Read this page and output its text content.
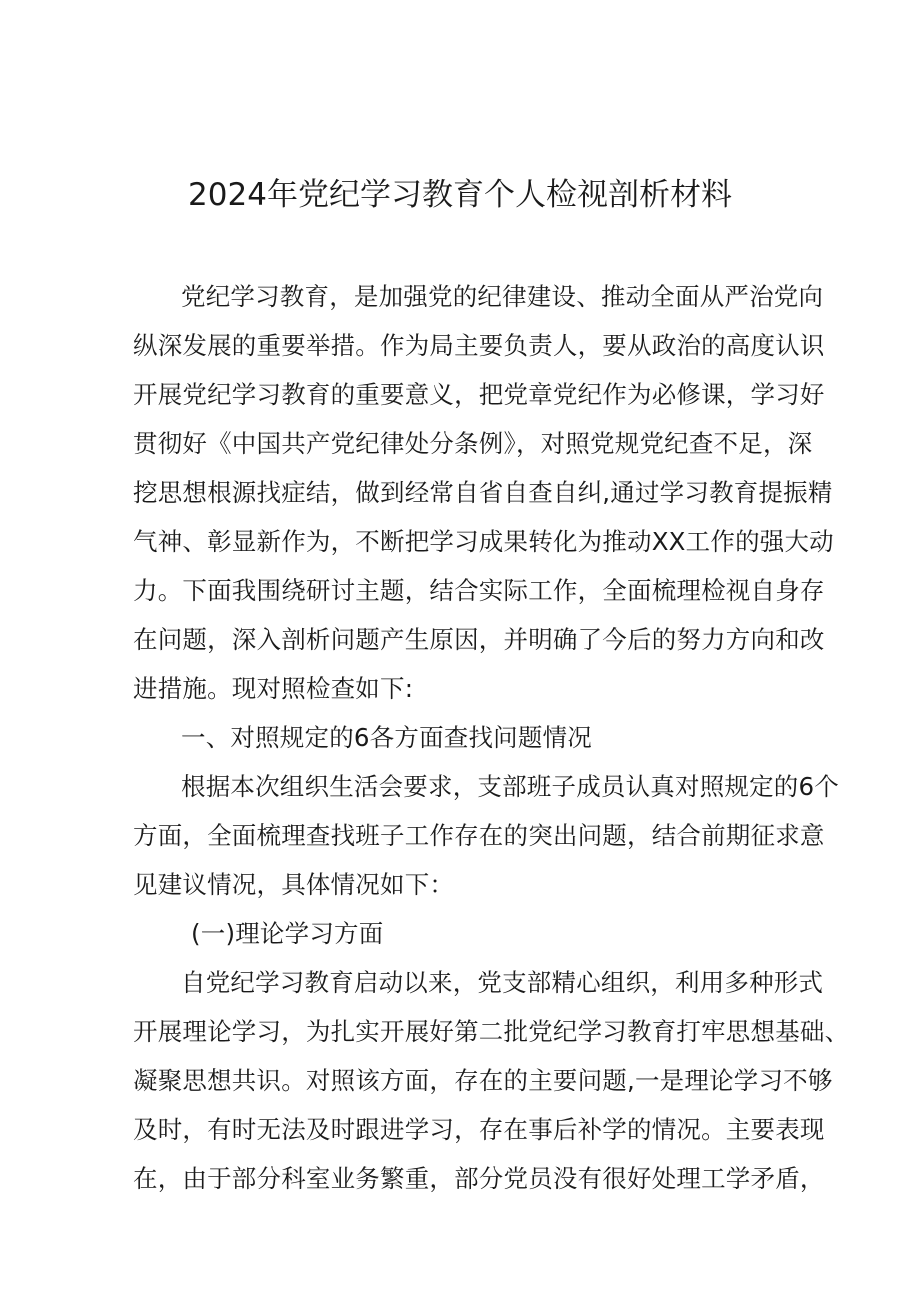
2024年党纪学习教育个人检视剖析材料
党纪学习教育，是加强党的纪律建设、推动全面从严治党向
纵深发展的重要举措。作为局主要负责人，要从政治的高度认识
开展党纪学习教育的重要意义，把党章党纪作为必修课，学习好
贯彻好《中国共产党纪律处分条例》，对照党规党纪查不足，深
挖思想根源找症结，做到经常自省自查自纠,通过学习教育提振精
气神、彰显新作为，不断把学习成果转化为推动XX工作的强大动
力。下面我围绕研讨主题，结合实际工作，全面梳理检视自身存
在问题，深入剖析问题产生原因，并明确了今后的努力方向和改
进措施。现对照检查如下:
一、对照规定的6各方面查找问题情况
根据本次组织生活会要求，支部班子成员认真对照规定的6个
方面，全面梳理查找班子工作存在的突出问题，结合前期征求意
见建议情况，具体情况如下：
(一)理论学习方面
自党纪学习教育启动以来，党支部精心组织，利用多种形式
开展理论学习，为扎实开展好第二批党纪学习教育打牢思想基础、
凝聚思想共识。对照该方面，存在的主要问题,一是理论学习不够
及时，有时无法及时跟进学习，存在事后补学的情况。主要表现
在，由于部分科室业务繁重，部分党员没有很好处理工学矛盾，
